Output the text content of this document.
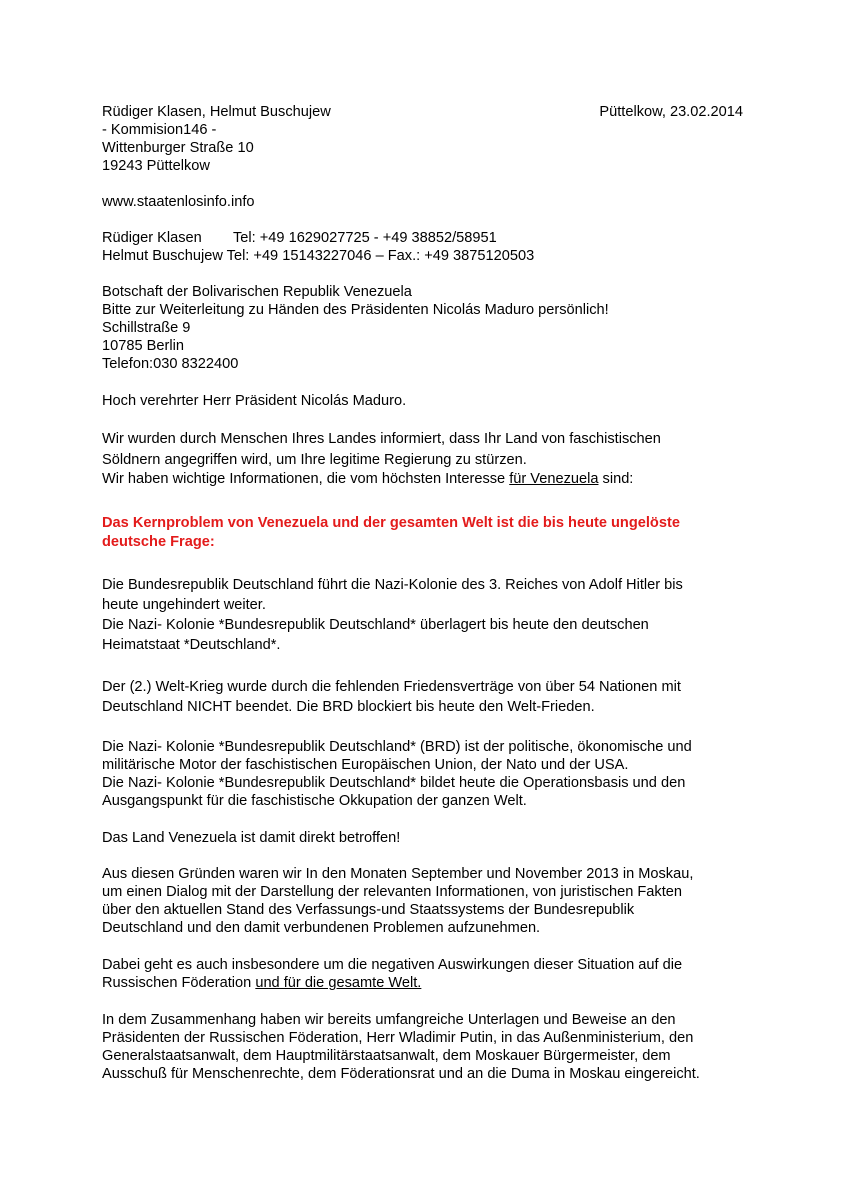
Rüdiger Klasen, Helmut Buschujew	Püttelkow, 23.02.2014
- Kommision146 -
Wittenburger Straße 10
19243 Püttelkow
www.staatenlosinfo.info
Rüdiger Klasen Tel: +49 1629027725 - +49 38852/58951
Helmut Buschujew Tel: +49 15143227046 – Fax.: +49 3875120503
Botschaft der Bolivarischen Republik Venezuela
Bitte zur Weiterleitung zu Händen des Präsidenten Nicolás Maduro persönlich!
Schillstraße 9
10785 Berlin
Telefon:030 8322400
Hoch verehrter Herr Präsident Nicolás Maduro.
Wir wurden durch Menschen Ihres Landes informiert, dass Ihr Land von faschistischen
Söldnern angegriffen wird, um Ihre legitime Regierung zu stürzen.
Wir haben wichtige Informationen, die vom höchsten Interesse für Venezuela sind:
Das Kernproblem von Venezuela und der gesamten Welt ist die bis heute ungelöste
deutsche Frage:
Die Bundesrepublik Deutschland führt die Nazi-Kolonie des 3. Reiches von Adolf Hitler bis
heute ungehindert weiter.
Die Nazi- Kolonie *Bundesrepublik Deutschland* überlagert bis heute den deutschen
Heimatstaat *Deutschland*.
Der (2.) Welt-Krieg wurde durch die fehlenden Friedensverträge von über 54 Nationen mit
Deutschland NICHT beendet. Die BRD blockiert bis heute den Welt-Frieden.
Die Nazi- Kolonie *Bundesrepublik Deutschland* (BRD) ist der politische, ökonomische und
militärische Motor der faschistischen Europäischen Union, der Nato und der USA.
Die Nazi- Kolonie *Bundesrepublik Deutschland* bildet heute die Operationsbasis und den
Ausgangspunkt für die faschistische Okkupation der ganzen Welt.
Das Land Venezuela ist damit direkt betroffen!
Aus diesen Gründen waren wir In den Monaten September und November 2013 in Moskau,
um einen Dialog mit der Darstellung der relevanten Informationen, von juristischen Fakten
über den aktuellen Stand des Verfassungs-und Staatssystems der Bundesrepublik
Deutschland und den damit verbundenen Problemen aufzunehmen.
Dabei geht es auch insbesondere um die negativen Auswirkungen dieser Situation auf die
Russischen Föderation und für die gesamte Welt.
In dem Zusammenhang haben wir bereits umfangreiche Unterlagen und Beweise an den
Präsidenten der Russischen Föderation, Herr Wladimir Putin, in das Außenministerium, den
Generalstaatsanwalt, dem Hauptmilitärstaatsanwalt, dem Moskauer Bürgermeister, dem
Ausschuß für Menschenrechte, dem Föderationsrat und an die Duma in Moskau eingereicht.
